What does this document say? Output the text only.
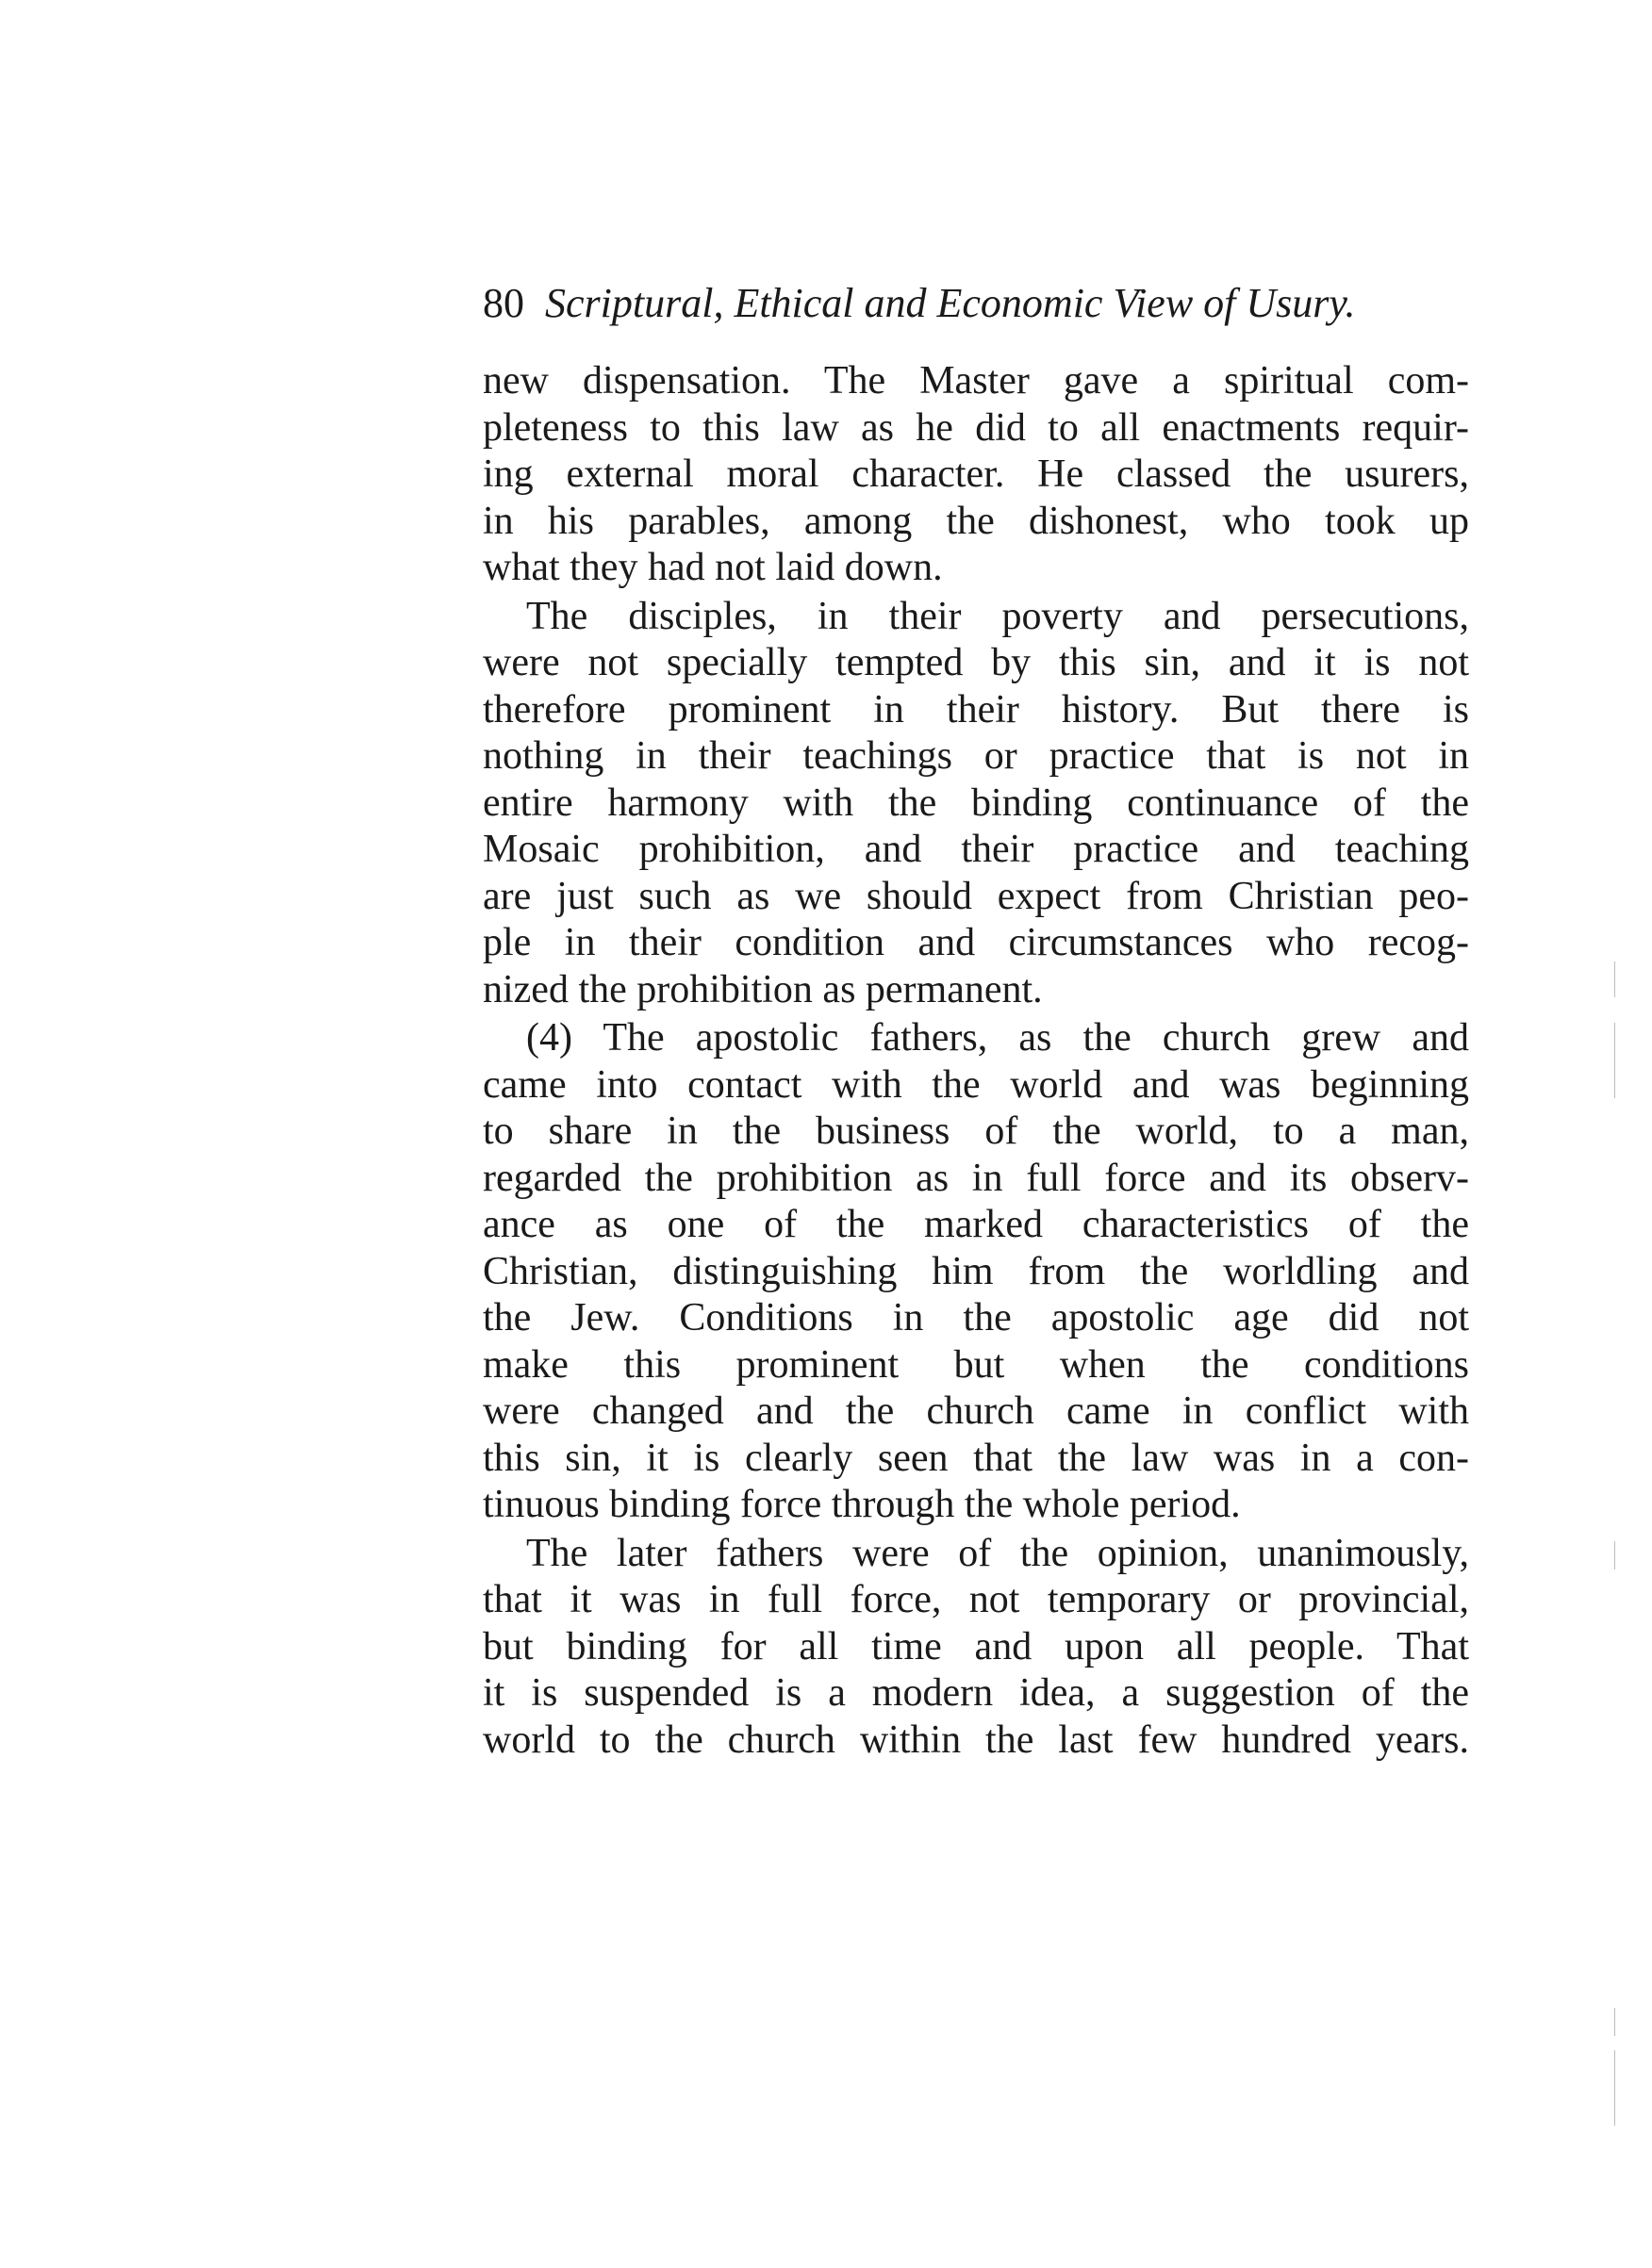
80 Scriptural, Ethical and Economic View of Usury.
new dispensation. The Master gave a spiritual com-
pleteness to this law as he did to all enactments requir-
ing external moral character. He classed the usurers,
in his parables, among the dishonest, who took up
what they had not laid down.
The disciples, in their poverty and persecutions,
were not specially tempted by this sin, and it is not
therefore prominent in their history. But there is
nothing in their teachings or practice that is not in
entire harmony with the binding continuance of the
Mosaic prohibition, and their practice and teaching
are just such as we should expect from Christian peo-
ple in their condition and circumstances who recog-
nized the prohibition as permanent.
(4) The apostolic fathers, as the church grew and
came into contact with the world and was beginning
to share in the business of the world, to a man,
regarded the prohibition as in full force and its observ-
ance as one of the marked characteristics of the
Christian, distinguishing him from the worldling and
the Jew. Conditions in the apostolic age did not
make this prominent but when the conditions
were changed and the church came in conflict with
this sin, it is clearly seen that the law was in a con-
tinuous binding force through the whole period.
The later fathers were of the opinion, unanimously,
that it was in full force, not temporary or provincial,
but binding for all time and upon all people. That
it is suspended is a modern idea, a suggestion of the
world to the church within the last few hundred years.
